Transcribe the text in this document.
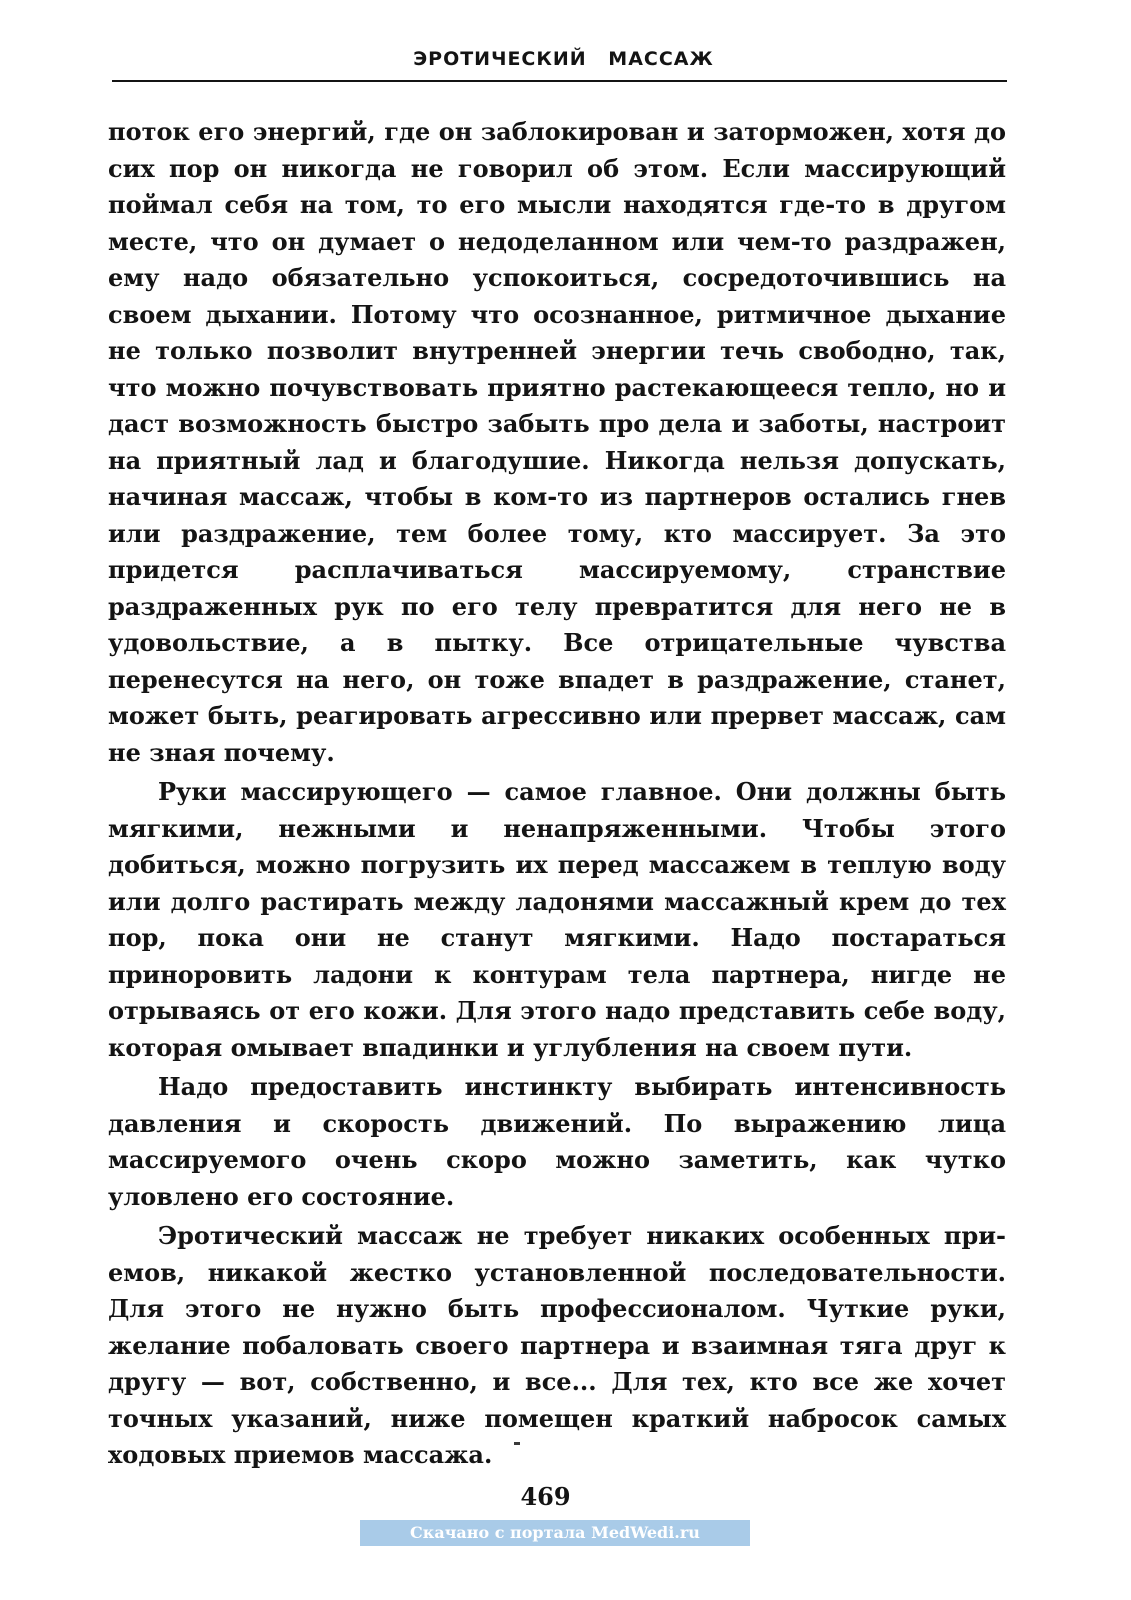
ЭРОТИЧЕСКИЙ МАССАЖ

поток его энергий, где он заблокирован и заторможен, хотя до сих пор он никогда не говорил об этом. Если массирующий поймал себя на том, то его мысли находятся где-то в другом месте, что он думает о недоделанном или чем-то раздражен, ему надо обязательно успокоиться, сосредоточившись на своем дыхании. Потому что осознанное, ритмичное дыхание не только позволит внутренней энергии течь свободно, так, что можно почувствовать приятно растекающееся тепло, но и даст возможность быстро забыть про дела и заботы, настроит на приятный лад и благодушие. Никогда нельзя допускать, начиная массаж, чтобы в ком-то из партнеров остались гнев или раздражение, тем более тому, кто массирует. За это придется расплачиваться массируемому, странствие раздраженных рук по его телу превратится для него не в удовольствие, а в пытку. Все отрицательные чувства перенесутся на него, он тоже впадет в раздражение, станет, может быть, реагировать агрессивно или прервет массаж, сам не зная почему.

Руки массирующего — самое главное. Они должны быть мягкими, нежными и ненапряженными. Чтобы этого добиться, можно погрузить их перед массажем в теплую воду или долго растирать между ладонями массажный крем до тех пор, пока они не станут мягкими. Надо постараться приноровить ладони к контурам тела партнера, нигде не отрываясь от его кожи. Для этого надо представить себе воду, которая омывает впадинки и углубления на своем пути.

Надо предоставить инстинкту выбирать интенсивность давления и скорость движений. По выражению лица массируемого очень скоро можно заметить, как чутко уловлено его состояние.

Эротический массаж не требует никаких особенных приемов, никакой жестко установленной последовательности. Для этого не нужно быть профессионалом. Чуткие руки, желание побаловать своего партнера и взаимная тяга друг к другу — вот, собственно, и все... Для тех, кто все же хочет точных указаний, ниже помещен краткий набросок самых ходовых приемов массажа.

469
Скачано с портала MedWedi.ru
